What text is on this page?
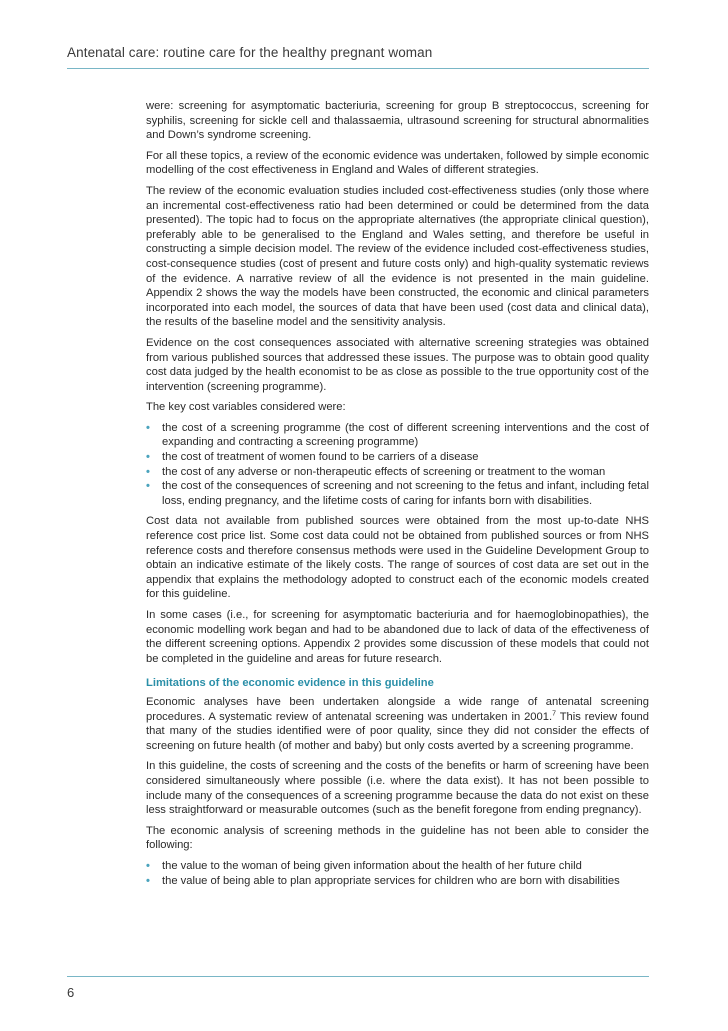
Antenatal care: routine care for the healthy pregnant woman

were: screening for asymptomatic bacteriuria, screening for group B streptococcus, screening for syphilis, screening for sickle cell and thalassaemia, ultrasound screening for structural abnormalities and Down’s syndrome screening.

For all these topics, a review of the economic evidence was undertaken, followed by simple economic modelling of the cost effectiveness in England and Wales of different strategies.

The review of the economic evaluation studies included cost-effectiveness studies (only those where an incremental cost-effectiveness ratio had been determined or could be determined from the data presented). The topic had to focus on the appropriate alternatives (the appropriate clinical question), preferably able to be generalised to the England and Wales setting, and therefore be useful in constructing a simple decision model. The review of the evidence included cost-effectiveness studies, cost-consequence studies (cost of present and future costs only) and high-quality systematic reviews of the evidence. A narrative review of all the evidence is not presented in the main guideline. Appendix 2 shows the way the models have been constructed, the economic and clinical parameters incorporated into each model, the sources of data that have been used (cost data and clinical data), the results of the baseline model and the sensitivity analysis.

Evidence on the cost consequences associated with alternative screening strategies was obtained from various published sources that addressed these issues. The purpose was to obtain good quality cost data judged by the health economist to be as close as possible to the true opportunity cost of the intervention (screening programme).

The key cost variables considered were:

• the cost of a screening programme (the cost of different screening interventions and the cost of expanding and contracting a screening programme)
• the cost of treatment of women found to be carriers of a disease
• the cost of any adverse or non-therapeutic effects of screening or treatment to the woman
• the cost of the consequences of screening and not screening to the fetus and infant, including fetal loss, ending pregnancy, and the lifetime costs of caring for infants born with disabilities.

Cost data not available from published sources were obtained from the most up-to-date NHS reference cost price list. Some cost data could not be obtained from published sources or from NHS reference costs and therefore consensus methods were used in the Guideline Development Group to obtain an indicative estimate of the likely costs. The range of sources of cost data are set out in the appendix that explains the methodology adopted to construct each of the economic models created for this guideline.

In some cases (i.e., for screening for asymptomatic bacteriuria and for haemoglobinopathies), the economic modelling work began and had to be abandoned due to lack of data of the effectiveness of the different screening options. Appendix 2 provides some discussion of these models that could not be completed in the guideline and areas for future research.

Limitations of the economic evidence in this guideline

Economic analyses have been undertaken alongside a wide range of antenatal screening procedures. A systematic review of antenatal screening was undertaken in 2001.$^7$ This review found that many of the studies identified were of poor quality, since they did not consider the effects of screening on future health (of mother and baby) but only costs averted by a screening programme.

In this guideline, the costs of screening and the costs of the benefits or harm of screening have been considered simultaneously where possible (i.e. where the data exist). It has not been possible to include many of the consequences of a screening programme because the data do not exist on these less straightforward or measurable outcomes (such as the benefit foregone from ending pregnancy).

The economic analysis of screening methods in the guideline has not been able to consider the following:

• the value to the woman of being given information about the health of her future child
• the value of being able to plan appropriate services for children who are born with disabilities
6
